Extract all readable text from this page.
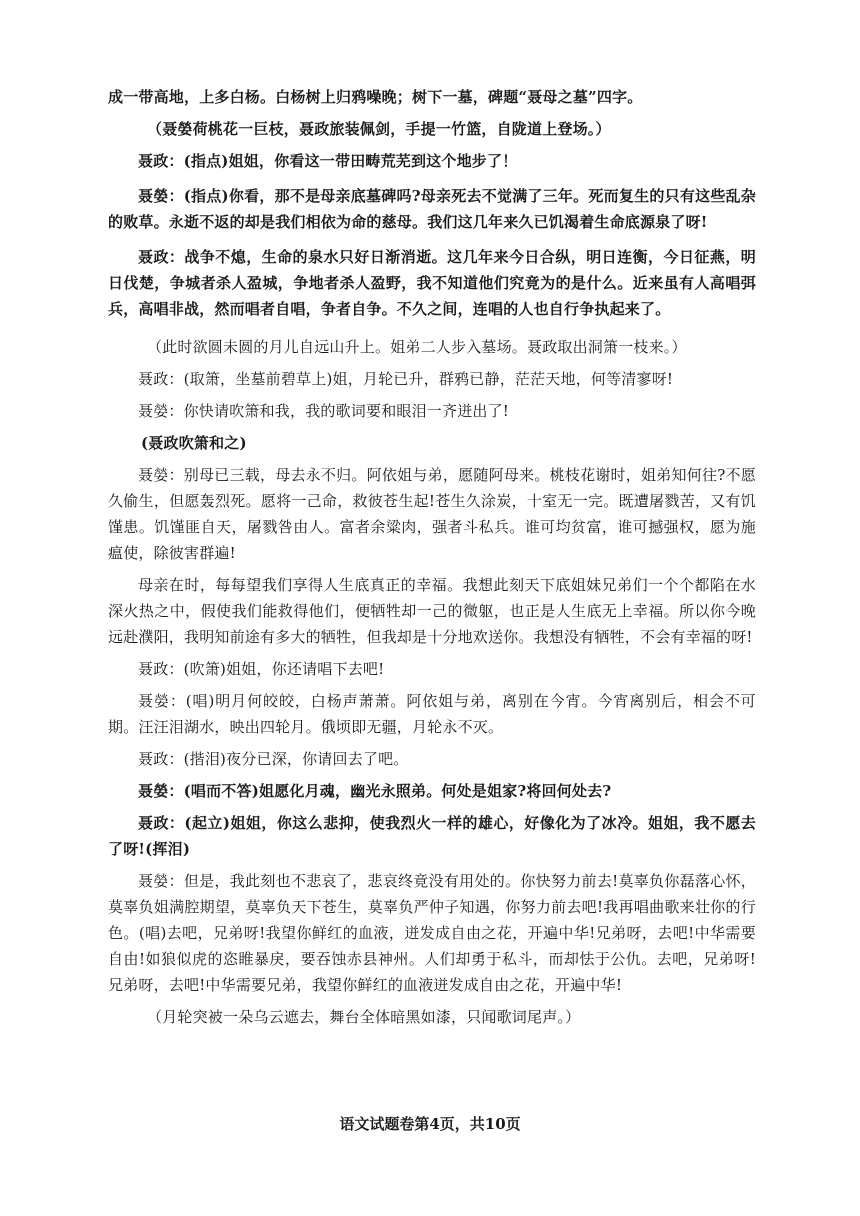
成一带高地，上多白杨。白杨树上归鸦噪晚；树下一墓，碑题“聂母之墓”四字。

（聂嫈荷桃花一巨枝，聂政旅装佩剑，手提一竹篮，自陇道上登场。）

聂政：(指点)姐姐，你看这一带田畴荒芜到这个地步了！

聂嫈：(指点)你看，那不是母亲底墓碑吗?母亲死去不觉满了三年。死而复生的只有这些乱杂的败草。永逝不返的却是我们相依为命的慈母。我们这几年来久已饥渴着生命底源泉了呀!

聂政：战争不熄，生命的泉水只好日渐消逝。这几年来今日合纵，明日连衡，今日征燕，明日伐楚，争城者杀人盈城，争地者杀人盈野，我不知道他们究竟为的是什么。近来虽有人高唱弭兵，高唱非战，然而唱者自唱，争者自争。不久之间，连唱的人也自行争执起来了。

（此时欲圆未圆的月儿自远山升上。姐弟二人步入墓场。聂政取出洞箫一枝来。）

聂政：(取箫，坐墓前碧草上)姐，月轮已升，群鸦已静，茫茫天地，何等清寥呀!

聂嫈：你快请吹箫和我，我的歌词要和眼泪一齐迸出了!

(聂政吹箫和之)

聂嫈：别母已三载，母去永不归。阿依姐与弟，愿随阿母来。桃枝花谢时，姐弟知何往?不愿久偷生，但愿轰烈死。愿将一己命，救彼苍生起!苍生久涂炭，十室无一完。既遭屠戮苦，又有饥馑患。饥馑匪自天，屠戮咎由人。富者余粱肉，强者斗私兵。谁可均贫富，谁可撼强权，愿为施瘟使，除彼害群遍!

母亲在时，每每望我们享得人生底真正的幸福。我想此刻天下底姐妹兄弟们一个个都陷在水深火热之中，假使我们能救得他们，便牺牲却一己的微躯，也正是人生底无上幸福。所以你今晚远赴濮阳，我明知前途有多大的牺牲，但我却是十分地欢送你。我想没有牺牲，不会有幸福的呀!

聂政：(吹箫)姐姐，你还请唱下去吧!

聂嫈：(唱)明月何皎皎，白杨声萧萧。阿依姐与弟，离别在今宵。今宵离别后，相会不可期。汪汪泪湖水，映出四轮月。俄顷即无疆，月轮永不灭。

聂政：(揩泪)夜分已深，你请回去了吧。

聂嫈：(唱而不答)姐愿化月魂，幽光永照弟。何处是姐家?将回何处去?

聂政：(起立)姐姐，你这么悲抑，使我烈火一样的雄心，好像化为了冰冷。姐姐，我不愿去了呀!(挥泪)

聂嫈：但是，我此刻也不悲哀了，悲哀终竟没有用处的。你快努力前去!莫辜负你磊落心怀，莫辜负姐满腔期望，莫辜负天下苍生，莫辜负严仲子知遇，你努力前去吧!我再唱曲歌来壮你的行色。(唱)去吧，兄弟呀!我望你鲜红的血液，迸发成自由之花，开遍中华!兄弟呀，去吧!中华需要自由!如狼似虎的恣睢暴戾，要吞蚀赤县神州。人们却勇于私斗，而却怯于公仇。去吧，兄弟呀!兄弟呀，去吧!中华需要兄弟，我望你鲜红的血液迸发成自由之花，开遍中华!

（月轮突被一朵乌云遮去，舞台全体暗黑如漆，只闻歌词尾声。）

语文试题卷第4页，共10页
